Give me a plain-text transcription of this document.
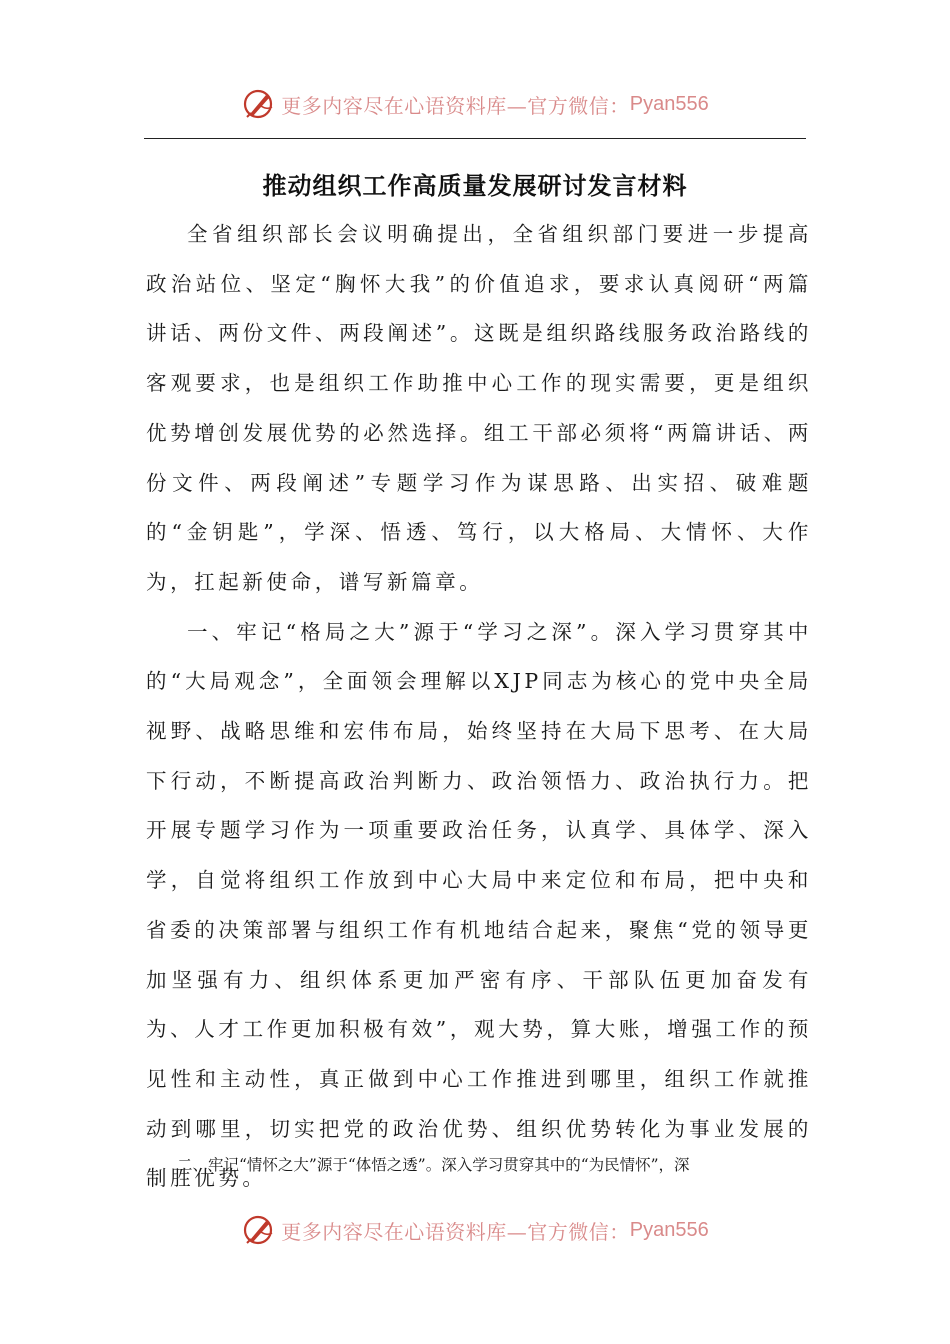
更多内容尽在心语资料库—官方微信： Pyan556
推动组织工作高质量发展研讨发言材料

全省组织部长会议明确提出，全省组织部门要进一步提高政治站位、坚定“胸怀大我”的价值追求，要求认真阅研“两篇讲话、两份文件、两段阐述”。这既是组织路线服务政治路线的客观要求，也是组织工作助推中心工作的现实需要，更是组织优势增创发展优势的必然选择。组工干部必须将“两篇讲话、两份文件、两段阐述”专题学习作为谋思路、出实招、破难题的“金钥匙”，学深、悟透、笃行，以大格局、大情怀、大作为，扛起新使命，谱写新篇章。

一、牢记“格局之大”源于“学习之深”。深入学习贯穿其中的“大局观念”，全面领会理解以XJP同志为核心的党中央全局视野、战略思维和宏伟布局，始终坚持在大局下思考、在大局下行动，不断提高政治判断力、政治领悟力、政治执行力。把开展专题学习作为一项重要政治任务，认真学、具体学、深入学，自觉将组织工作放到中心大局中来定位和布局，把中央和省委的决策部署与组织工作有机地结合起来，聚焦“党的领导更加坚强有力、组织体系更加严密有序、干部队伍更加奋发有为、人才工作更加积极有效”，观大势，算大账，增强工作的预见性和主动性，真正做到中心工作推进到哪里，组织工作就推动到哪里，切实把党的政治优势、组织优势转化为事业发展的制胜优势。

二、牢记“情怀之大”源于“体悟之透”。深入学习贯穿其中的“为民情怀”，深

更多内容尽在心语资料库—官方微信： Pyan556
